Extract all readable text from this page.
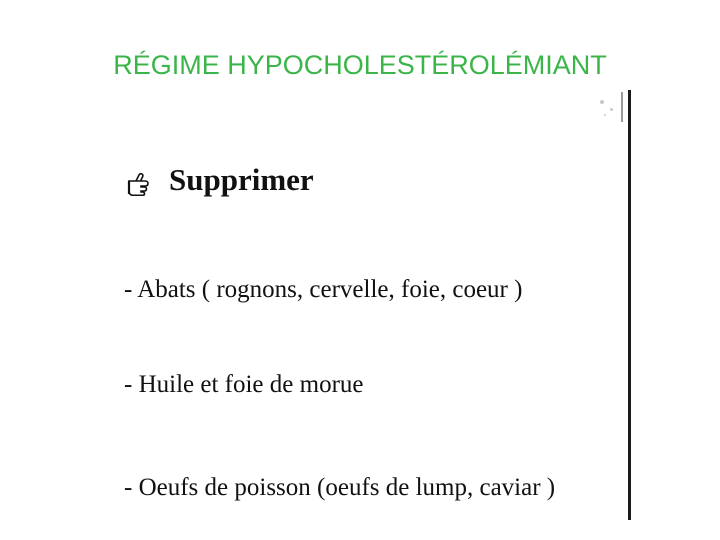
RÉGIME HYPOCHOLESTÉROLÉMIANT
Supprimer
- Abats ( rognons, cervelle, foie, coeur )
- Huile et foie de morue
- Oeufs de poisson (oeufs de lump, caviar )
